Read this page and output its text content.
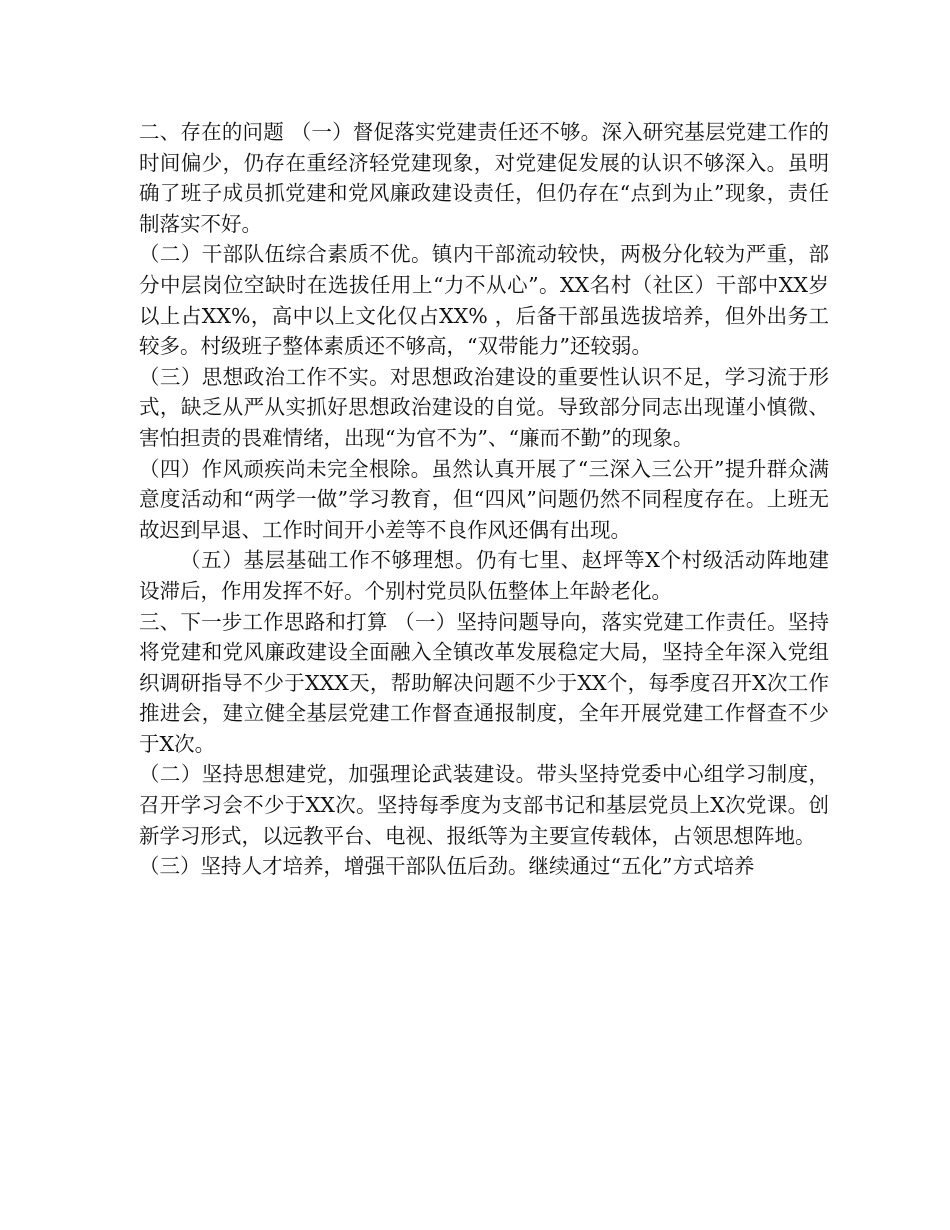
二、存在的问题 （一）督促落实党建责任还不够。深入研究基层党建工作的时间偏少，仍存在重经济轻党建现象，对党建促发展的认识不够深入。虽明确了班子成员抓党建和党风廉政建设责任，但仍存在“点到为止”现象，责任制落实不好。

（二）干部队伍综合素质不优。镇内干部流动较快，两极分化较为严重，部分中层岗位空缺时在选拔任用上“力不从心”。XX名村（社区）干部中XX岁以上占XX%，高中以上文化仅占XX% ，后备干部虽选拔培养，但外出务工较多。村级班子整体素质还不够高，“双带能力”还较弱。

（三）思想政治工作不实。对思想政治建设的重要性认识不足，学习流于形式，缺乏从严从实抓好思想政治建设的自觉。导致部分同志出现谨小慎微、害怕担责的畏难情绪，出现“为官不为”、“廉而不勤”的现象。

（四）作风顽疾尚未完全根除。虽然认真开展了“三深入三公开”提升群众满意度活动和“两学一做”学习教育，但“四风”问题仍然不同程度存在。上班无故迟到早退、工作时间开小差等不良作风还偶有出现。

（五）基层基础工作不够理想。仍有七里、赵坪等X个村级活动阵地建设滞后，作用发挥不好。个别村党员队伍整体上年龄老化。

三、下一步工作思路和打算 （一）坚持问题导向，落实党建工作责任。坚持将党建和党风廉政建设全面融入全镇改革发展稳定大局，坚持全年深入党组织调研指导不少于XXX天，帮助解决问题不少于XX个，每季度召开X次工作推进会，建立健全基层党建工作督查通报制度，全年开展党建工作督查不少于X次。

（二）坚持思想建党，加强理论武装建设。带头坚持党委中心组学习制度，召开学习会不少于XX次。坚持每季度为支部书记和基层党员上X次党课。创新学习形式，以远教平台、电视、报纸等为主要宣传载体，占领思想阵地。

（三）坚持人才培养，增强干部队伍后劲。继续通过“五化”方式培养
